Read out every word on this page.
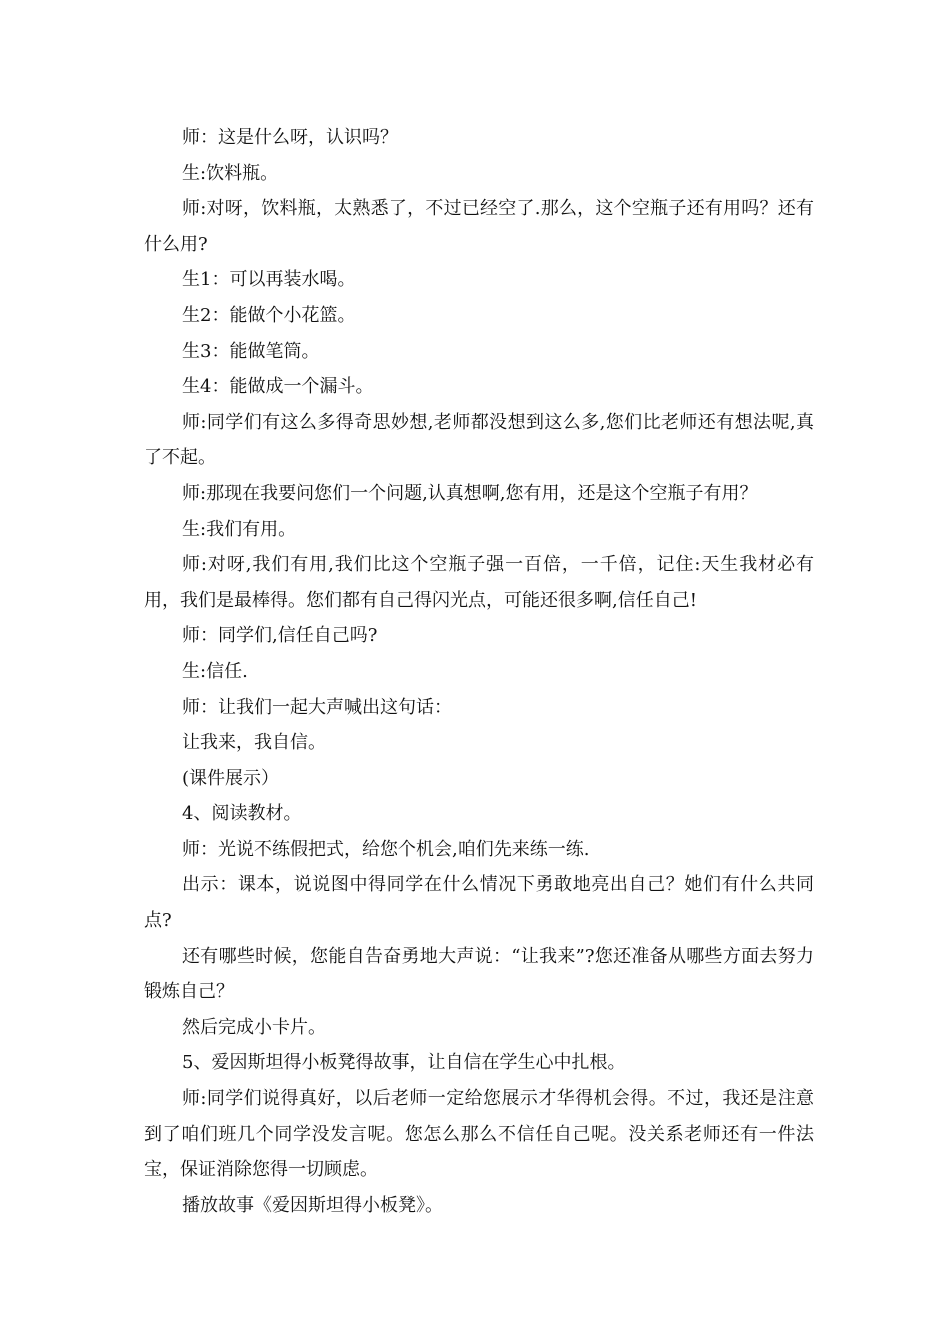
师：这是什么呀，认识吗？

生:饮料瓶。

师:对呀，饮料瓶，太熟悉了，不过已经空了.那么，这个空瓶子还有用吗？还有什么用?

生1：可以再装水喝。

生2：能做个小花篮。

生3：能做笔筒。

生4：能做成一个漏斗。

师:同学们有这么多得奇思妙想,老师都没想到这么多,您们比老师还有想法呢,真了不起。

师:那现在我要问您们一个问题,认真想啊,您有用，还是这个空瓶子有用？

生:我们有用。

师:对呀,我们有用,我们比这个空瓶子强一百倍，一千倍，记住:天生我材必有用，我们是最棒得。您们都有自己得闪光点，可能还很多啊,信任自己!

师：同学们,信任自己吗?

生:信任.

师：让我们一起大声喊出这句话：

让我来，我自信。

(课件展示）

4、阅读教材。

师：光说不练假把式，给您个机会,咱们先来练一练.

出示：课本，说说图中得同学在什么情况下勇敢地亮出自己？她们有什么共同点?

还有哪些时候，您能自告奋勇地大声说：“让我来”?您还准备从哪些方面去努力锻炼自己？

然后完成小卡片。

5、爱因斯坦得小板凳得故事，让自信在学生心中扎根。

师:同学们说得真好，以后老师一定给您展示才华得机会得。不过，我还是注意到了咱们班几个同学没发言呢。您怎么那么不信任自己呢。没关系老师还有一件法宝，保证消除您得一切顾虑。

播放故事《爱因斯坦得小板凳》。
